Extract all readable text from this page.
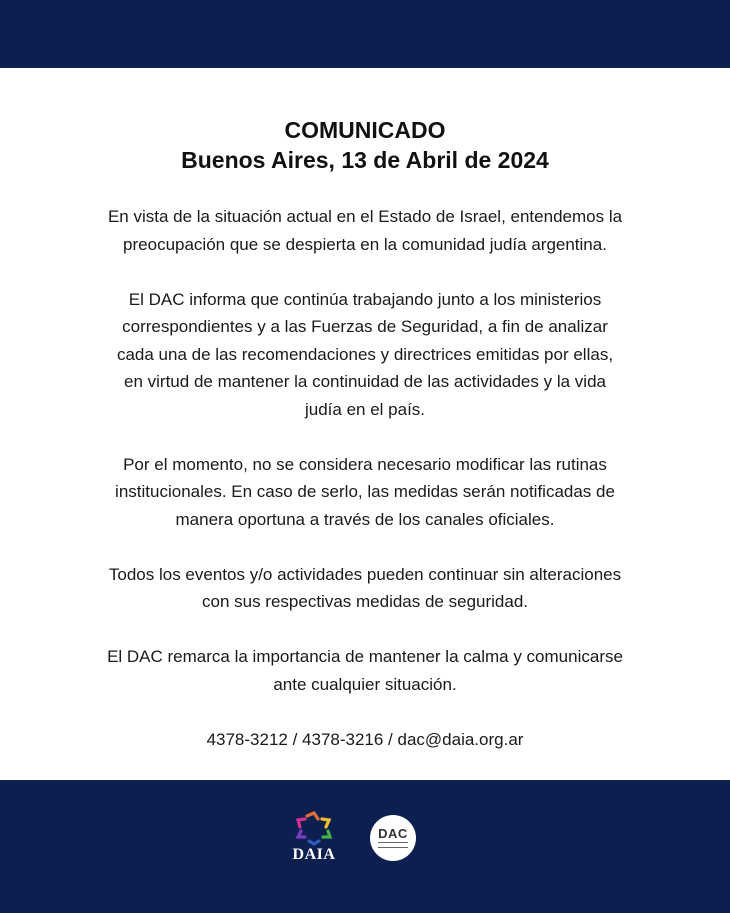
COMUNICADO
Buenos Aires, 13 de Abril de 2024
En vista de la situación actual en el Estado de Israel, entendemos la
preocupación que se despierta en la comunidad judía argentina.
El DAC informa que continúa trabajando junto a los ministerios
correspondientes y a las Fuerzas de Seguridad, a fin de analizar
cada una de las recomendaciones y directrices emitidas por ellas,
en virtud de mantener la continuidad de las actividades y la vida
judía en el país.
Por el momento, no se considera necesario modificar las rutinas
institucionales. En caso de serlo, las medidas serán notificadas de
manera oportuna a través de los canales oficiales.
Todos los eventos y/o actividades pueden continuar sin alteraciones
con sus respectivas medidas de seguridad.
El DAC remarca la importancia de mantener la calma y comunicarse
ante cualquier situación.
4378-3212 / 4378-3216 / dac@daia.org.ar
DAIA
DAC
